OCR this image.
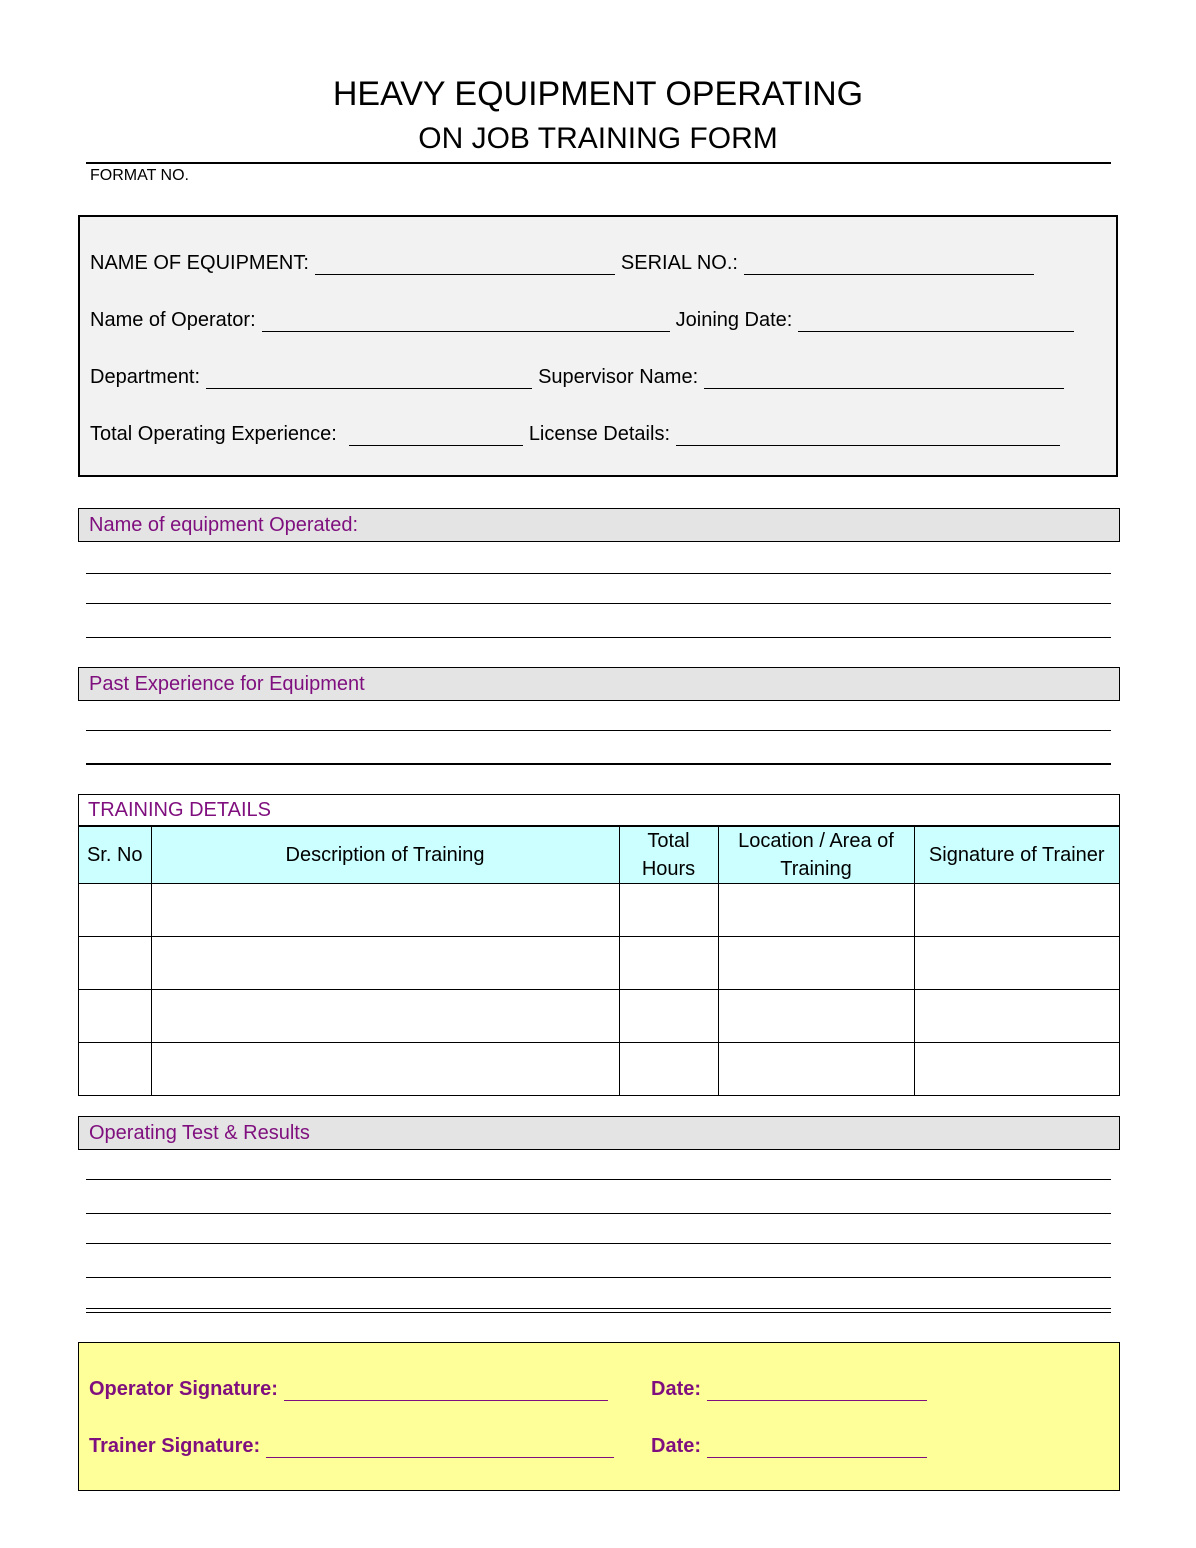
HEAVY EQUIPMENT OPERATING
ON JOB TRAINING FORM
FORMAT NO.
NAME OF EQUIPMENT:	SERIAL NO.:
Name of Operator:	Joining Date:
Department:	Supervisor Name:
Total Operating Experience:	License Details:
Name of equipment Operated:
Past Experience for Equipment
TRAINING DETAILS
Sr. No	Description of Training	Total Hours	Location / Area of Training	Signature of Trainer

Operating Test & Results
Operator Signature:	Date:
Trainer Signature:	Date:
